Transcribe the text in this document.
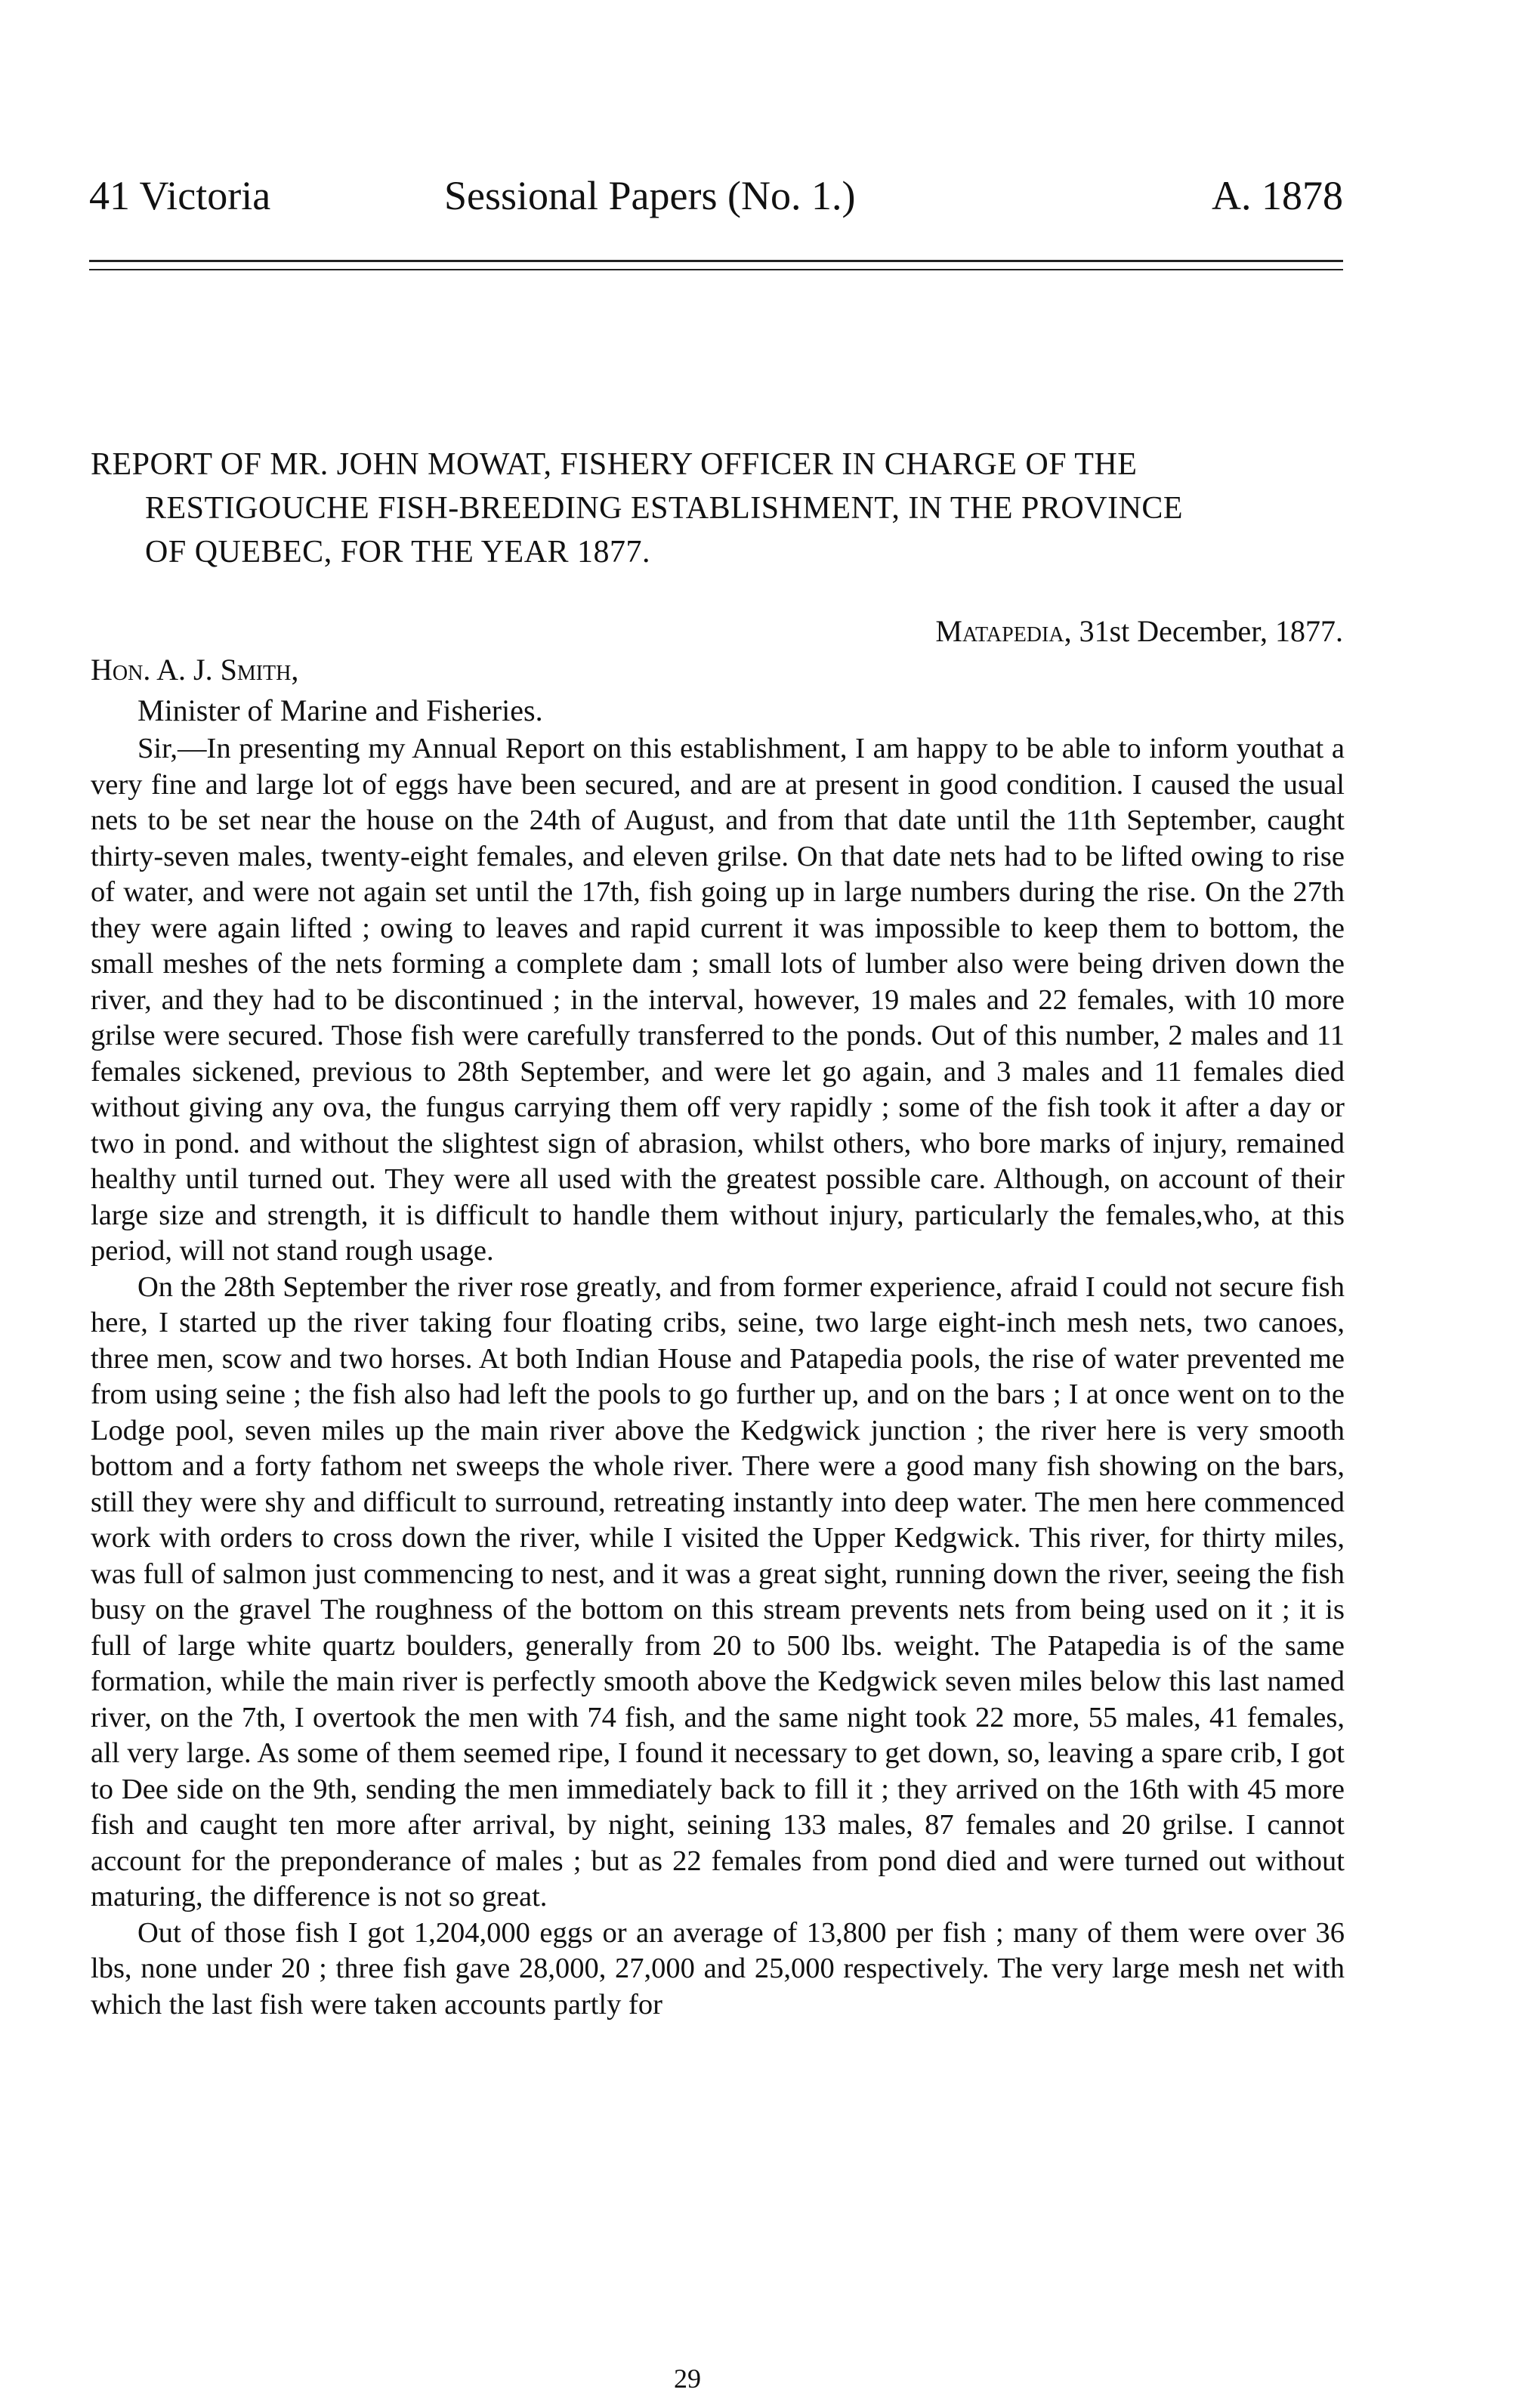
41 Victoria	Sessional Papers (No. 1.)	A. 1878
REPORT OF MR. JOHN MOWAT, FISHERY OFFICER IN CHARGE OF THE
RESTIGOUCHE FISH-BREEDING ESTABLISHMENT, IN THE PROVINCE
OF QUEBEC, FOR THE YEAR 1877.
Matapedia, 31st December, 1877.
Hon. A. J. Smith,
Minister of Marine and Fisheries.

Sir,—In presenting my Annual Report on this establishment, I am happy to be able to inform youthat a very fine and large lot of eggs have been secured, and are at present in good condition. I caused the usual nets to be set near the house on the 24th of August, and from that date until the 11th September, caught thirty-seven males, twenty-eight females, and eleven grilse. On that date nets had to be lifted owing to rise of water, and were not again set until the 17th, fish going up in large numbers during the rise. On the 27th they were again lifted ; owing to leaves and rapid current it was impossible to keep them to bottom, the small meshes of the nets forming a complete dam ; small lots of lumber also were being driven down the river, and they had to be discontinued ; in the interval, however, 19 males and 22 females, with 10 more grilse were secured. Those fish were carefully transferred to the ponds. Out of this number, 2 males and 11 females sickened, previous to 28th September, and were let go again, and 3 males and 11 females died without giving any ova, the fungus carrying them off very rapidly ; some of the fish took it after a day or two in pond. and without the slightest sign of abrasion, whilst others, who bore marks of injury, remained healthy until turned out. They were all used with the greatest possible care. Although, on account of their large size and strength, it is difficult to handle them without injury, particularly the females,who, at this period, will not stand rough usage.

On the 28th September the river rose greatly, and from former experience, afraid I could not secure fish here, I started up the river taking four floating cribs, seine, two large eight-inch mesh nets, two canoes, three men, scow and two horses. At both Indian House and Patapedia pools, the rise of water prevented me from using seine ; the fish also had left the pools to go further up, and on the bars ; I at once went on to the Lodge pool, seven miles up the main river above the Kedgwick junction ; the river here is very smooth bottom and a forty fathom net sweeps the whole river. There were a good many fish showing on the bars, still they were shy and difficult to surround, retreating instantly into deep water. The men here commenced work with orders to cross down the river, while I visited the Upper Kedgwick. This river, for thirty miles, was full of salmon just commencing to nest, and it was a great sight, running down the river, seeing the fish busy on the gravel The roughness of the bottom on this stream prevents nets from being used on it ; it is full of large white quartz boulders, generally from 20 to 500 lbs. weight. The Patapedia is of the same formation, while the main river is perfectly smooth above the Kedgwick seven miles below this last named river, on the 7th, I overtook the men with 74 fish, and the same night took 22 more, 55 males, 41 females, all very large. As some of them seemed ripe, I found it necessary to get down, so, leaving a spare crib, I got to Dee side on the 9th, sending the men immediately back to fill it ; they arrived on the 16th with 45 more fish and caught ten more after arrival, by night, seining 133 males, 87 females and 20 grilse. I cannot account for the preponderance of males ; but as 22 females from pond died and were turned out without maturing, the difference is not so great.

Out of those fish I got 1,204,000 eggs or an average of 13,800 per fish ; many of them were over 36 lbs, none under 20 ; three fish gave 28,000, 27,000 and 25,000 respectively. The very large mesh net with which the last fish were taken accounts partly for

29
